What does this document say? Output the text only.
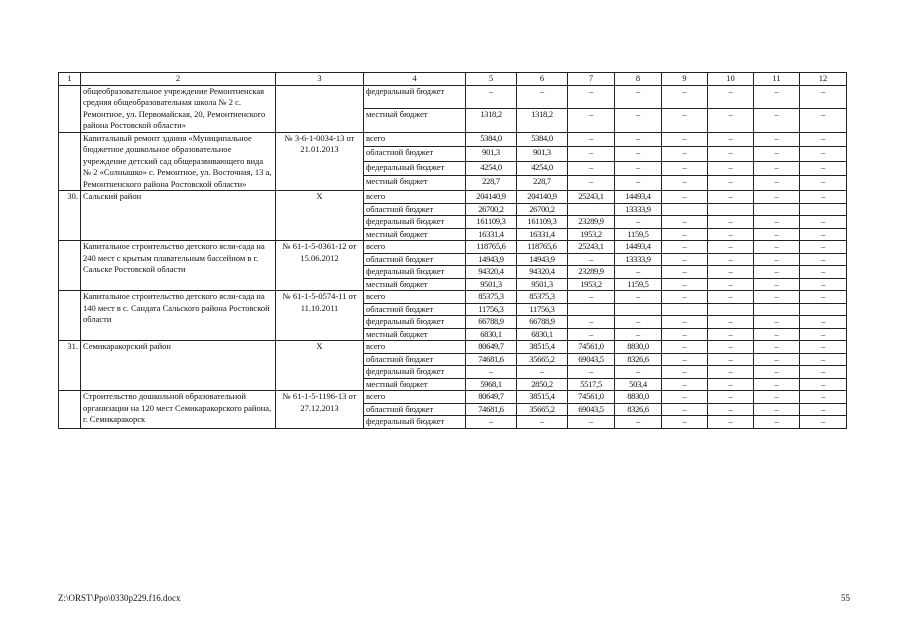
1	2	3	4	5	6	7	8	9	10	11	12
	общеобразовательное учреждение Ремонтненская средняя общеобразовательная школа № 2 с. Ремонтное, ул. Первомайская, 20, Ремонтненского района Ростовской области»		федеральный бюджет	–	–	–	–	–	–	–	–
			местный бюджет	1318,2	1318,2	–	–	–	–	–	–
	Капитальный ремонт здания «Муниципальное бюджетное дошкольное образовательное учреждение детский сад общеразвивающего вида № 2 «Солнышко» с. Ремонтное, ул. Восточная, 13 а, Ремонтненского района Ростовской области»	№ 3-6-1-0034-13 от 21.01.2013	всего	5384,0	5384,0	–	–	–	–	–	–
			областной бюджет	901,3	901,3	–	–	–	–	–	–
			федеральный бюджет	4254,0	4254,0	–	–	–	–	–	–
			местный бюджет	228,7	228,7	–	–	–	–	–	–
30.	Сальский район	Х	всего	204140,9	204140,9	25243,1	14493,4	–	–	–	–
			областной бюджет	26700,2	26700,2		13333,9				
			федеральный бюджет	161109,3	161109,3	23289,9	–	–	–	–	–
			местный бюджет	16331,4	16331,4	1953,2	1159,5	–	–	–	–
	Капитальное строительство детского ясли-сада на 240 мест с крытым плавательным бассейном в г. Сальске Ростовской области	№ 61-1-5-0361-12 от 15.06.2012	всего	118765,6	118765,6	25243,1	14493,4	–	–	–	–
			областной бюджет	14943,9	14943,9	–	13333,9	–	–	–	–
			федеральный бюджет	94320,4	94320,4	23289,9	–	–	–	–	–
			местный бюджет	9501,3	9501,3	1953,2	1159,5	–	–	–	–
	Капитальное строительство детского ясли-сада на 140 мест в с. Сандата Сальского района Ростовской области	№ 61-1-5-0574-11 от 11.10.2011	всего	85375,3	85375,3	–	–	–	–	–	–
			областной бюджет	11756,3	11756,3						
			федеральный бюджет	66788,9	66788,9	–	–	–	–	–	–
			местный бюджет	6830,1	6830,1	–	–	–	–	–	–
31.	Семикаракорский район	Х	всего	80649,7	38515,4	74561,0	8830,0	–	–	–	–
			областной бюджет	74681,6	35665,2	69043,5	8326,6	–	–	–	–
			федеральный бюджет	–	–	–	–	–	–	–	–
			местный бюджет	5968,1	2850,2	5517,5	503,4	–	–	–	–
	Строительство дошкольной образовательной организации на 120 мест Семикаракорского района, г. Семикаракорск	№ 61-1-5-1196-13 от 27.12.2013	всего	80649,7	38515,4	74561,0	8830,0	–	–	–	–
			областной бюджет	74681,6	35665,2	69043,5	8326,6	–	–	–	–
			федеральный бюджет	–	–	–	–	–	–	–	–
Z:\ORST\Ppo\0330p229.f16.docx	55
